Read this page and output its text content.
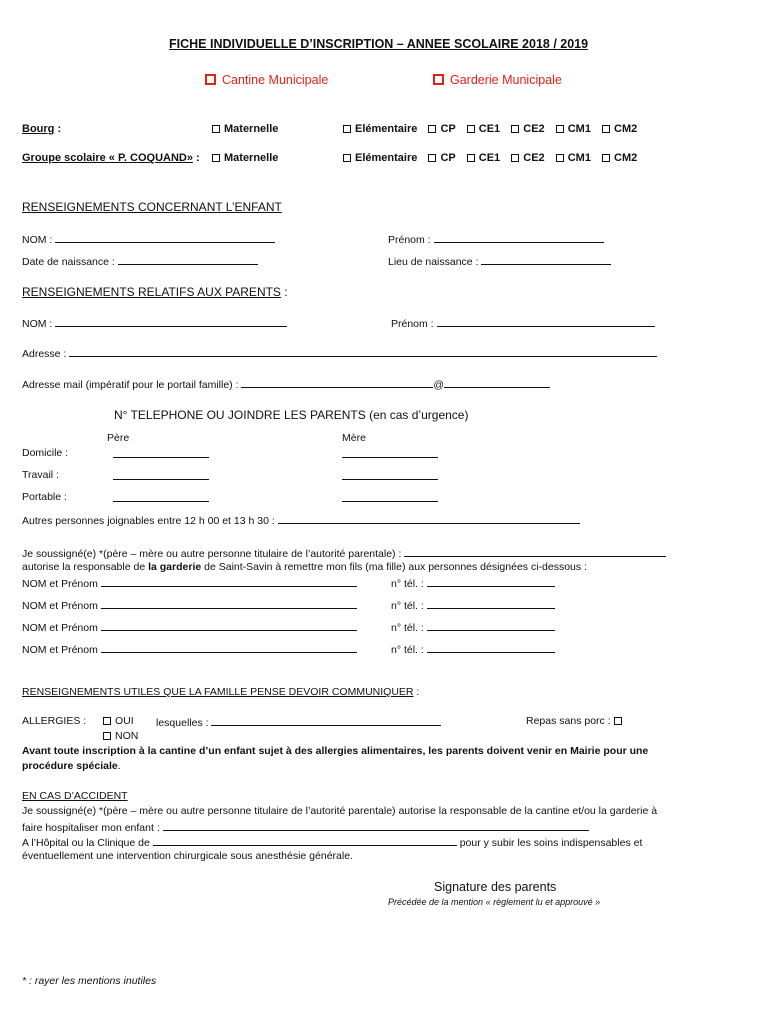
FICHE INDIVIDUELLE D’INSCRIPTION – ANNEE SCOLAIRE 2018 / 2019
Cantine Municipale	Garderie Municipale
Bourg :	Maternelle	Elémentaire CP CE1 CE2 CM1 CM2
Groupe scolaire « P. COQUAND» :	Maternelle	Elémentaire CP CE1 CE2 CM1 CM2
RENSEIGNEMENTS CONCERNANT L’ENFANT
NOM :	Prénom :
Date de naissance :	Lieu de naissance :
RENSEIGNEMENTS RELATIFS AUX PARENTS :
NOM :	Prénom :
Adresse :
Adresse mail (impératif pour le portail famille) :	@
N° TELEPHONE OU JOINDRE LES PARENTS (en cas d’urgence)
Père	Mère
Domicile :
Travail :
Portable :
Autres personnes joignables entre 12 h 00 et 13 h 30 :
Je soussigné(e) *(père – mère ou autre personne titulaire de l’autorité parentale) :
autorise la responsable de la garderie de Saint-Savin à remettre mon fils (ma fille) aux personnes désignées ci-dessous :
NOM et Prénom	n° tél. :
NOM et Prénom	n° tél. :
NOM et Prénom	n° tél. :
NOM et Prénom	n° tél. :
RENSEIGNEMENTS UTILES QUE LA FAMILLE PENSE DEVOIR COMMUNIQUER :
ALLERGIES :	OUI
NON
lesquelles :	Repas sans porc :
Avant toute inscription à la cantine d’un enfant sujet à des allergies alimentaires, les parents doivent venir en Mairie pour une
procédure spéciale.
EN CAS D’ACCIDENT
Je soussigné(e) *(père – mère ou autre personne titulaire de l’autorité parentale) autorise la responsable de la cantine et/ou la garderie à
faire hospitaliser mon enfant :
A l’Hôpital ou la Clinique de	pour y subir les soins indispensables et
éventuellement une intervention chirurgicale sous anesthésie générale.
Signature des parents
Précédée de la mention « règlement lu et approuvé »
* : rayer les mentions inutiles
